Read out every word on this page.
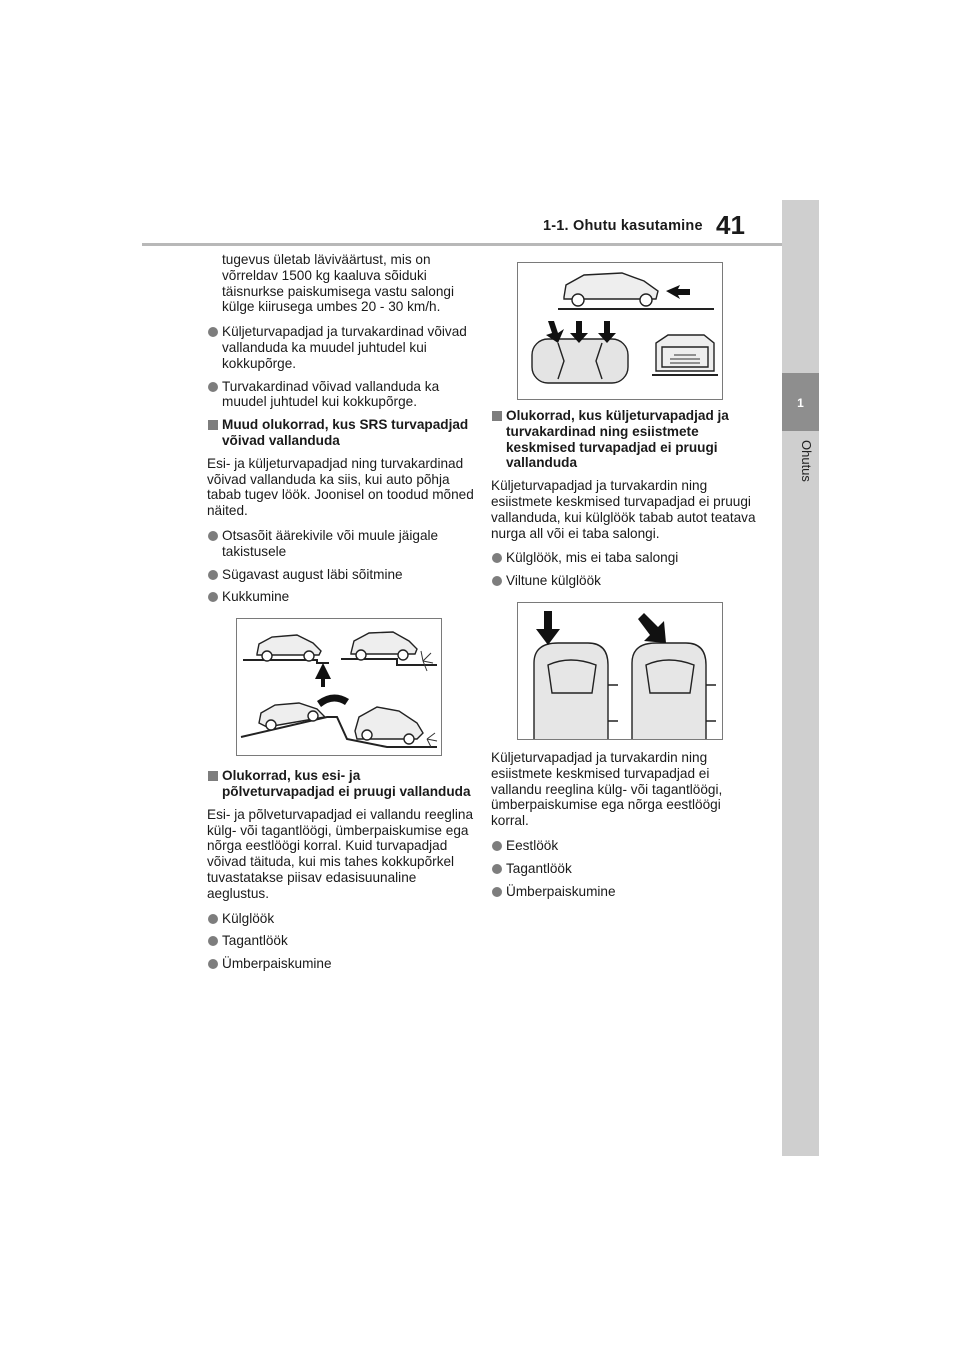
1-1. Ohutu kasutamine 41
1
Ohutus

tugevus ületab läviväärtust, mis on võrreldav 1500 kg kaaluva sõiduki täisnurkse paiskumisega vastu salongi külge kiirusega umbes 20 - 30 km/h.

Küljeturvapadjad ja turvakardinad võivad vallanduda ka muudel juhtudel kui kokkupõrge.
Turvakardinad võivad vallanduda ka muudel juhtudel kui kokkupõrge.
Muud olukorrad, kus SRS turvapadjad võivad vallanduda

Esi- ja küljeturvapadjad ning turvakardinad võivad vallanduda ka siis, kui auto põhja tabab tugev löök. Joonisel on toodud mõned näited.

Otsasõit äärekivile või muule jäigale takistusele
Sügavast august läbi sõitmine
Kukkumine
Olukorrad, kus esi- ja põlveturvapadjad ei pruugi vallanduda

Esi- ja põlveturvapadjad ei vallandu reeglina külg- või tagantlöögi, ümberpaiskumise ega nõrga eestlöögi korral. Kuid turvapadjad võivad täituda, kui mis tahes kokkupõrkel tuvastatakse piisav edasisuunaline aeglustus.

Külglöök
Tagantlöök
Ümberpaiskumine
Olukorrad, kus küljeturvapadjad ja turvakardinad ning esiistmete keskmised turvapadjad ei pruugi vallanduda

Küljeturvapadjad ja turvakardin ning esiistmete keskmised turvapadjad ei pruugi vallanduda, kui külglöök tabab autot teatava nurga all või ei taba salongi.

Külglöök, mis ei taba salongi
Viltune külglöök

Küljeturvapadjad ja turvakardin ning esiistmete keskmised turvapadjad ei vallandu reeglina külg- või tagantlöögi, ümberpaiskumise ega nõrga eestlöögi korral.

Eestlöök
Tagantlöök
Ümberpaiskumine
